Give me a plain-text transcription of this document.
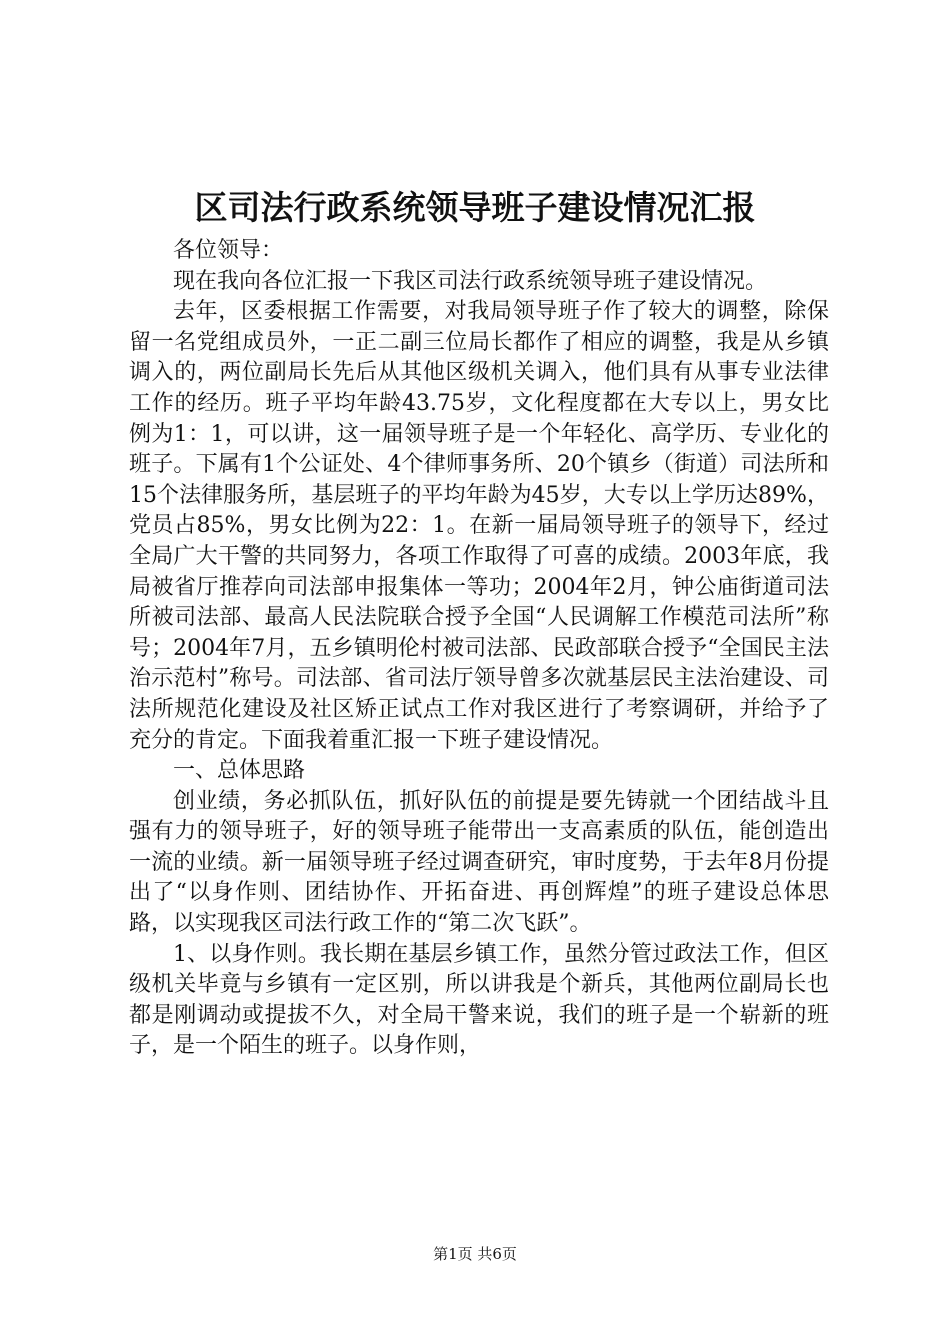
区司法行政系统领导班子建设情况汇报

各位领导：

现在我向各位汇报一下我区司法行政系统领导班子建设情况。

去年，区委根据工作需要，对我局领导班子作了较大的调整，除保留一名党组成员外，一正二副三位局长都作了相应的调整，我是从乡镇调入的，两位副局长先后从其他区级机关调入，他们具有从事专业法律工作的经历。班子平均年龄43.75岁，文化程度都在大专以上，男女比例为1：1，可以讲，这一届领导班子是一个年轻化、高学历、专业化的班子。下属有1个公证处、4个律师事务所、20个镇乡（街道）司法所和15个法律服务所，基层班子的平均年龄为45岁，大专以上学历达89%，党员占85%，男女比例为22：1。在新一届局领导班子的领导下，经过全局广大干警的共同努力，各项工作取得了可喜的成绩。2003年底，我局被省厅推荐向司法部申报集体一等功；2004年2月，钟公庙街道司法所被司法部、最高人民法院联合授予全国“人民调解工作模范司法所”称号；2004年7月，五乡镇明伦村被司法部、民政部联合授予“全国民主法治示范村”称号。司法部、省司法厅领导曾多次就基层民主法治建设、司法所规范化建设及社区矫正试点工作对我区进行了考察调研，并给予了充分的肯定。下面我着重汇报一下班子建设情况。

一、总体思路

创业绩，务必抓队伍，抓好队伍的前提是要先铸就一个团结战斗且强有力的领导班子，好的领导班子能带出一支高素质的队伍，能创造出一流的业绩。新一届领导班子经过调查研究，审时度势，于去年8月份提出了“以身作则、团结协作、开拓奋进、再创辉煌”的班子建设总体思路，以实现我区司法行政工作的“第二次飞跃”。

1、以身作则。我长期在基层乡镇工作，虽然分管过政法工作，但区级机关毕竟与乡镇有一定区别，所以讲我是个新兵，其他两位副局长也都是刚调动或提拔不久，对全局干警来说，我们的班子是一个崭新的班子，是一个陌生的班子。以身作则，

第1页 共6页
